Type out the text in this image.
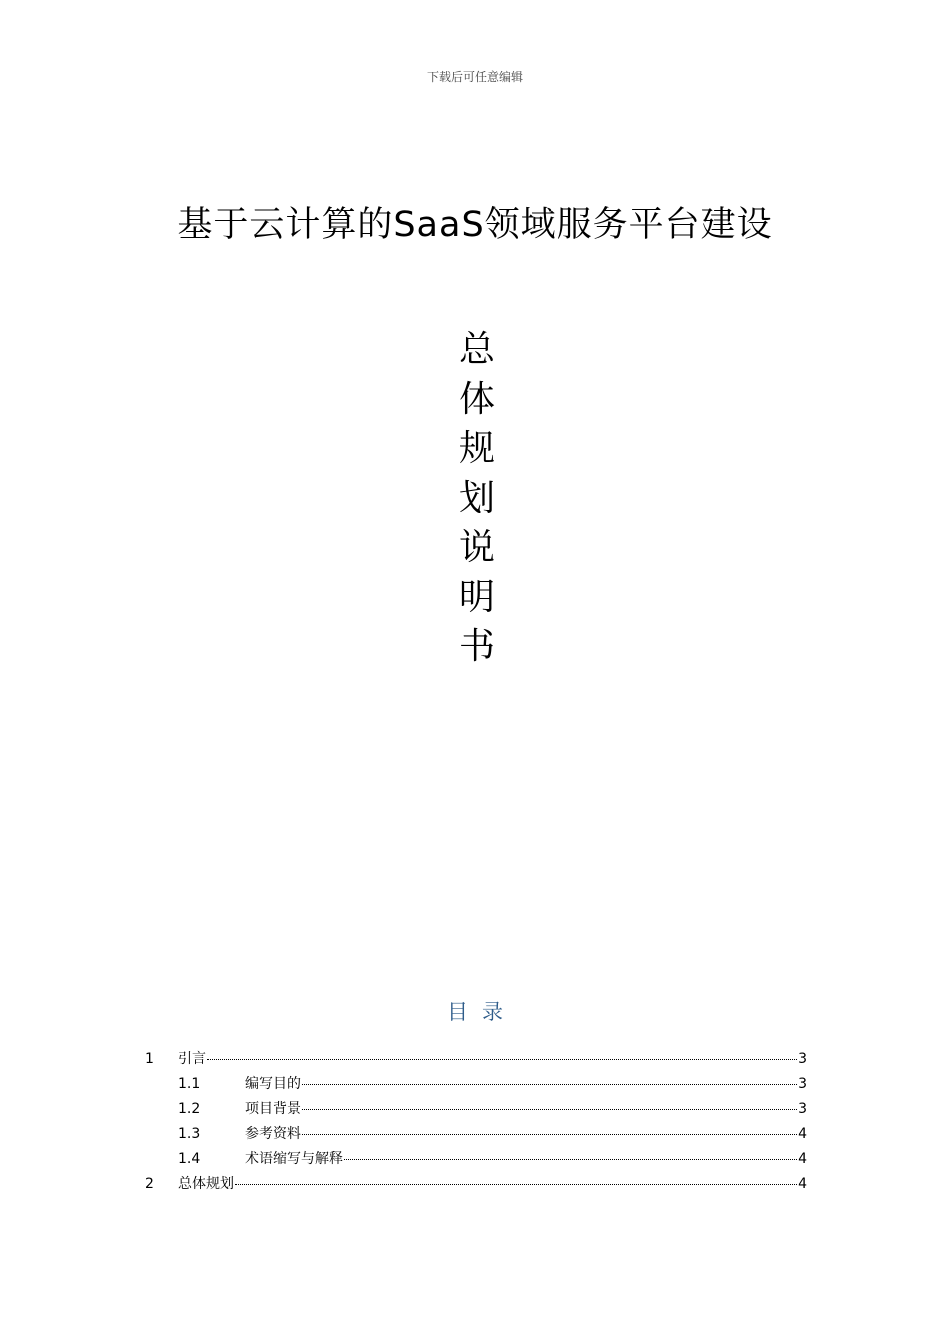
下载后可任意编辑
基于云计算的SaaS领域服务平台建设
总
体
规
划
说
明
书
目录
1	引言	3
1.1	编写目的	3
1.2	项目背景	3
1.3	参考资料	4
1.4	术语缩写与解释	4
2	总体规划	4
